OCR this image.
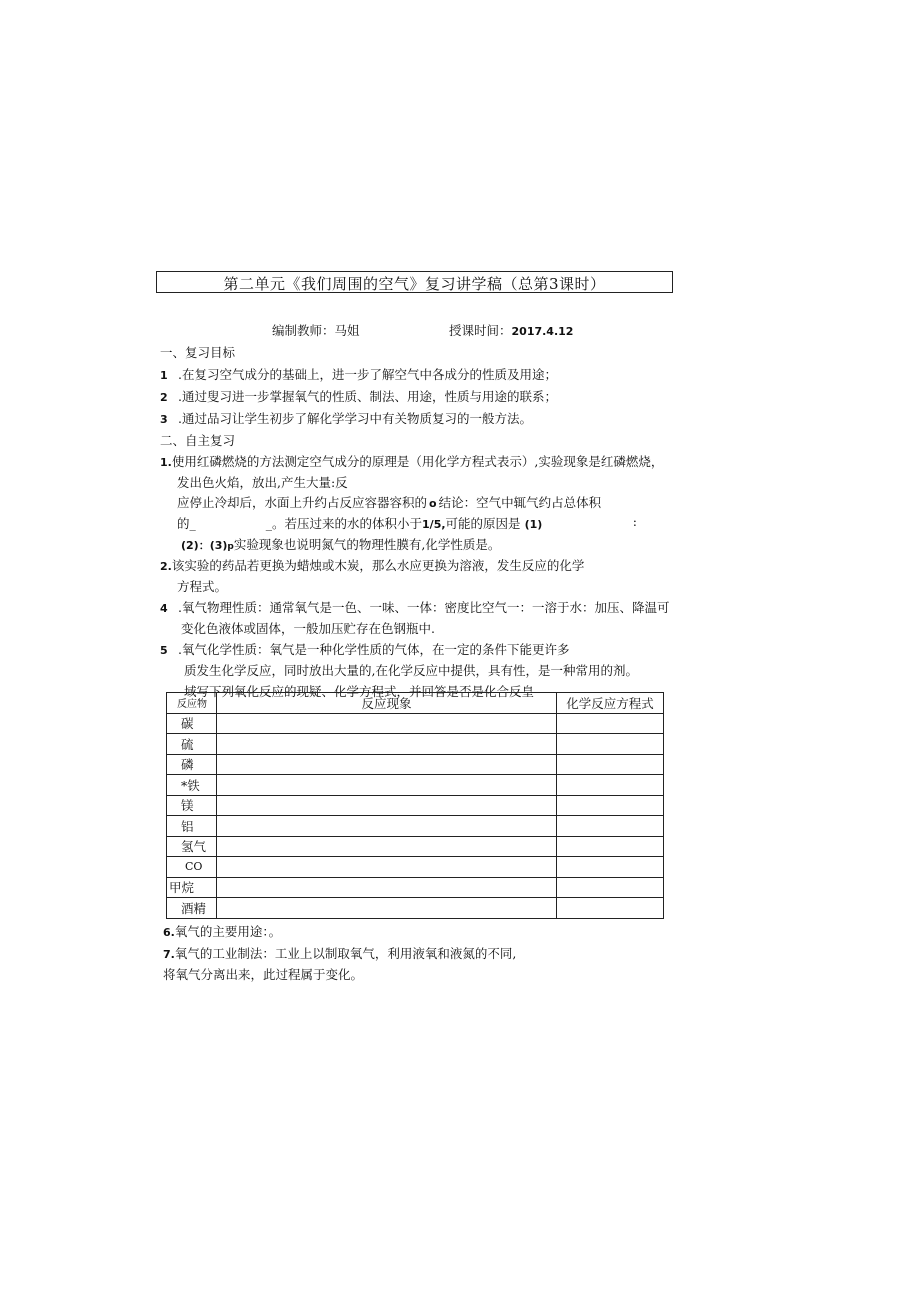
第二单元《我们周围的空气》复习讲学稿（总第3课时）
编制教师：马姐	授课时间：2017.4.12
一、复习目标
1 .在复习空气成分的基础上，进一步了解空气中各成分的性质及用途；
2 .通过叟习进一步掌握氧气的性质、制法、用途，性质与用途的联系；
3 .通过品习让学生初步了解化学学习中有关物质复习的一般方法。
二、自主复习
1.使用红磷燃烧的方法测定空气成分的原理是（用化学方程式表示）,实验现象是红磷燃烧，
发出色火焰，放出,产生大量:反
应停止冷却后，水面上升约占反应容器容积的 o 结论：空气中辄气约占总体积
的_	_。若压过来的水的体积小于1/5,可能的原因是 (1)	:
(2)：(3)p实验现象也说明氮气的物理性膜有,化学性质是。
2.该实验的药品若更换为蜡烛或木炭，那么水应更换为溶液，发生反应的化学
方程式。
4 .氧气物理性质：通常氧气是一色、一味、一体：密度比空气一：一溶于水：加压、降温可
变化色液体或固体，一般加压贮存在色钢瓶中.
5 .氧气化学性质：氧气是一种化学性质的气体，在一定的条件下能更许多
质发生化学反应，同时放出大量的,在化学反应中提供，具有性，是一种常用的剂。
域写下列氧化反应的现疑、化学方程式，并回答是否是化合反皇
反应物	反应现象	化学反应方程式
碳		
硫		
磷		
*铁		
镁		
铝		
氢气		
CO		
甲烷		
酒精		
6.氧气的主要用途：。
7.氧气的工业制法：工业上以制取氧气，利用液氧和液氮的不同,
将氧气分离出来，此过程属于变化。
